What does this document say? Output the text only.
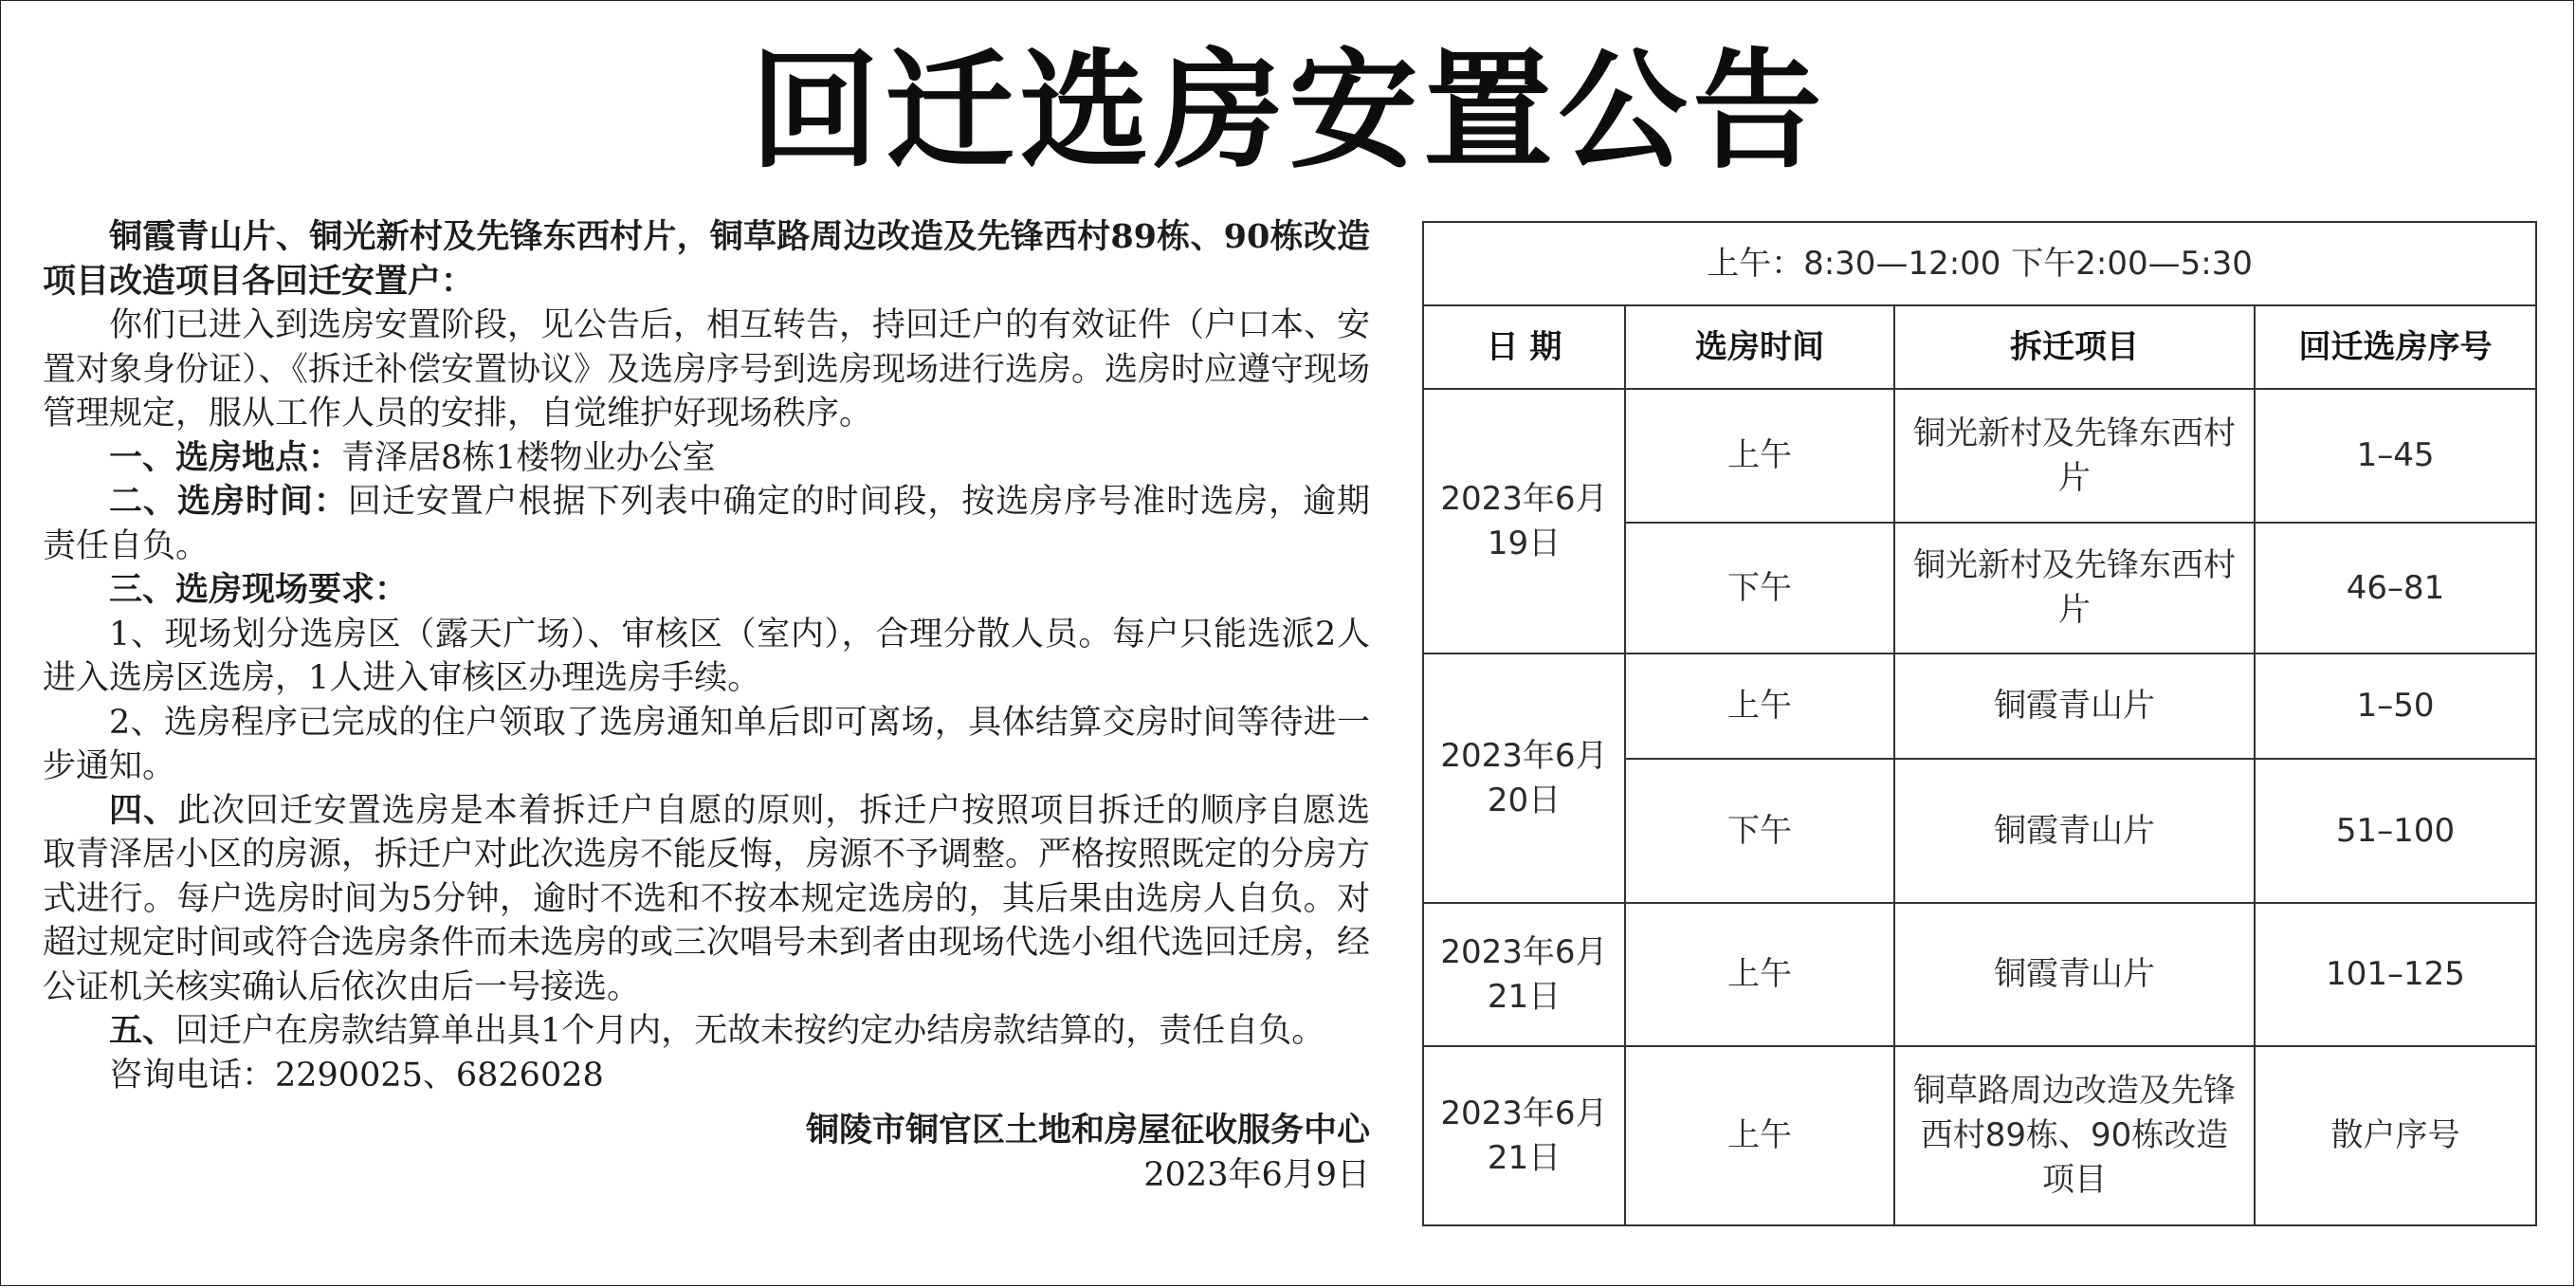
回迁选房安置公告

铜霞青山片、铜光新村及先锋东西村片，铜草路周边改造及先锋西村89栋、90栋改造项目改造项目各回迁安置户：

你们已进入到选房安置阶段，见公告后，相互转告，持回迁户的有效证件（户口本、安置对象身份证）、《拆迁补偿安置协议》及选房序号到选房现场进行选房。选房时应遵守现场管理规定，服从工作人员的安排，自觉维护好现场秩序。

一、选房地点：青泽居8栋1楼物业办公室

二、选房时间：回迁安置户根据下列表中确定的时间段，按选房序号准时选房，逾期责任自负。

三、选房现场要求：

1、现场划分选房区（露天广场）、审核区（室内），合理分散人员。每户只能选派2人进入选房区选房，1人进入审核区办理选房手续。

2、选房程序已完成的住户领取了选房通知单后即可离场，具体结算交房时间等待进一步通知。

四、此次回迁安置选房是本着拆迁户自愿的原则，拆迁户按照项目拆迁的顺序自愿选取青泽居小区的房源，拆迁户对此次选房不能反悔，房源不予调整。严格按照既定的分房方式进行。每户选房时间为5分钟，逾时不选和不按本规定选房的，其后果由选房人自负。对超过规定时间或符合选房条件而未选房的或三次唱号未到者由现场代选小组代选回迁房，经公证机关核实确认后依次由后一号接选。

五、回迁户在房款结算单出具1个月内，无故未按约定办结房款结算的，责任自负。

咨询电话：2290025、6826028

铜陵市铜官区土地和房屋征收服务中心

2023年6月9日

上午：8:30—12:00 下午2:00—5:30			
日 期	选房时间	拆迁项目	回迁选房序号
2023年6月19日	上午	铜光新村及先锋东西村片	1–45
	下午	铜光新村及先锋东西村片	46–81
2023年6月20日	上午	铜霞青山片	1–50
	下午	铜霞青山片	51–100
2023年6月21日	上午	铜霞青山片	101–125
2023年6月21日	上午	铜草路周边改造及先锋西村89栋、90栋改造项目	散户序号
